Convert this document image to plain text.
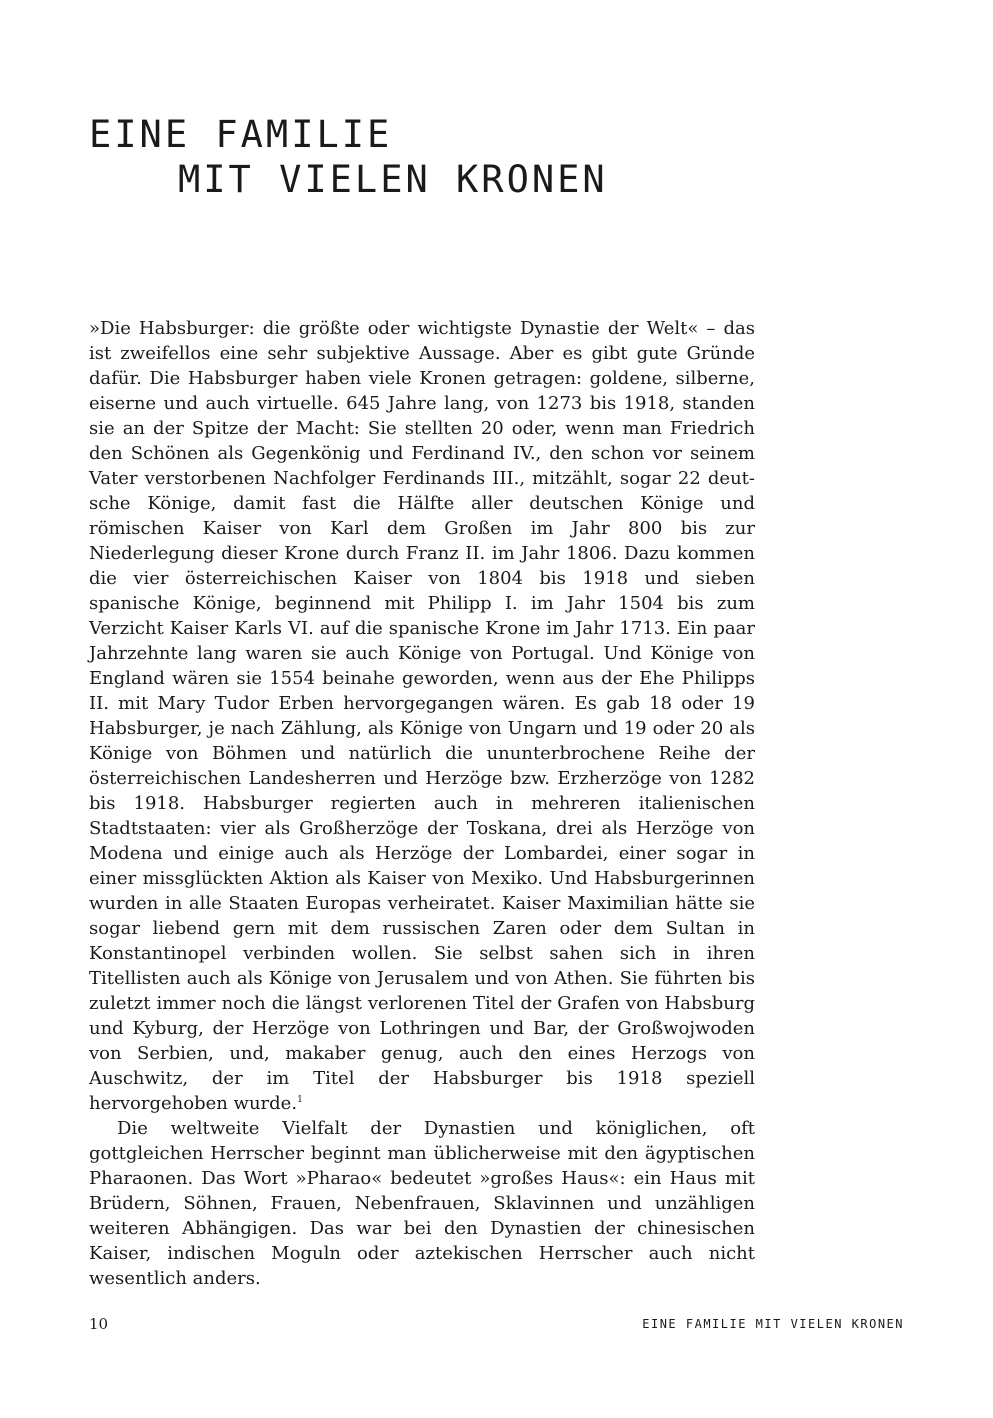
EINE FAMILIE
MIT VIELEN KRONEN

»Die Habsburger: die größte oder wichtigste Dynastie der Welt« – das ist zweifellos eine sehr subjektive Aussage. Aber es gibt gute Gründe dafür. Die Habsburger haben viele Kronen getragen: goldene, silberne, eiserne und auch virtuelle. 645 Jahre lang, von 1273 bis 1918, standen sie an der Spitze der Macht: Sie stellten 20 oder, wenn man Friedrich den Schönen als Gegenkönig und Ferdinand IV., den schon vor seinem Vater verstorbenen Nachfolger Ferdinands III., mitzählt, sogar 22 deutsche Könige, damit fast die Hälfte aller deutschen Könige und römischen Kaiser von Karl dem Großen im Jahr 800 bis zur Niederlegung dieser Krone durch Franz II. im Jahr 1806. Dazu kommen die vier österreichischen Kaiser von 1804 bis 1918 und sieben spanische Könige, beginnend mit Philipp I. im Jahr 1504 bis zum Verzicht Kaiser Karls VI. auf die spanische Krone im Jahr 1713. Ein paar Jahrzehnte lang waren sie auch Könige von Portugal. Und Könige von England wären sie 1554 beinahe geworden, wenn aus der Ehe Philipps II. mit Mary Tudor Erben hervorgegangen wären. Es gab 18 oder 19 Habsburger, je nach Zählung, als Könige von Ungarn und 19 oder 20 als Könige von Böhmen und natürlich die ununterbrochene Reihe der österreichischen Landesherren und Herzöge bzw. Erzherzöge von 1282 bis 1918. Habsburger regierten auch in mehreren italienischen Stadtstaaten: vier als Großherzöge der Toskana, drei als Herzöge von Modena und einige auch als Herzöge der Lombardei, einer sogar in einer missglückten Aktion als Kaiser von Mexiko. Und Habsburgerinnen wurden in alle Staaten Europas verheiratet. Kaiser Maximilian hätte sie sogar liebend gern mit dem russischen Zaren oder dem Sultan in Konstantinopel verbinden wollen. Sie selbst sahen sich in ihren Titellisten auch als Könige von Jerusalem und von Athen. Sie führten bis zuletzt immer noch die längst verlorenen Titel der Grafen von Habsburg und Kyburg, der Herzöge von Lothringen und Bar, der Großwojwoden von Serbien, und, makaber genug, auch den eines Herzogs von Auschwitz, der im Titel der Habsburger bis 1918 speziell hervorgehoben wurde.$^1$

Die weltweite Vielfalt der Dynastien und königlichen, oft gottgleichen Herrscher beginnt man üblicherweise mit den ägyptischen Pharaonen. Das Wort »Pharao« bedeutet »großes Haus«: ein Haus mit Brüdern, Söhnen, Frauen, Nebenfrauen, Sklavinnen und unzähligen weiteren Abhängigen. Das war bei den Dynastien der chinesischen Kaiser, indischen Moguln oder aztekischen Herrscher auch nicht wesentlich anders.

10	EINE FAMILIE MIT VIELEN KRONEN
